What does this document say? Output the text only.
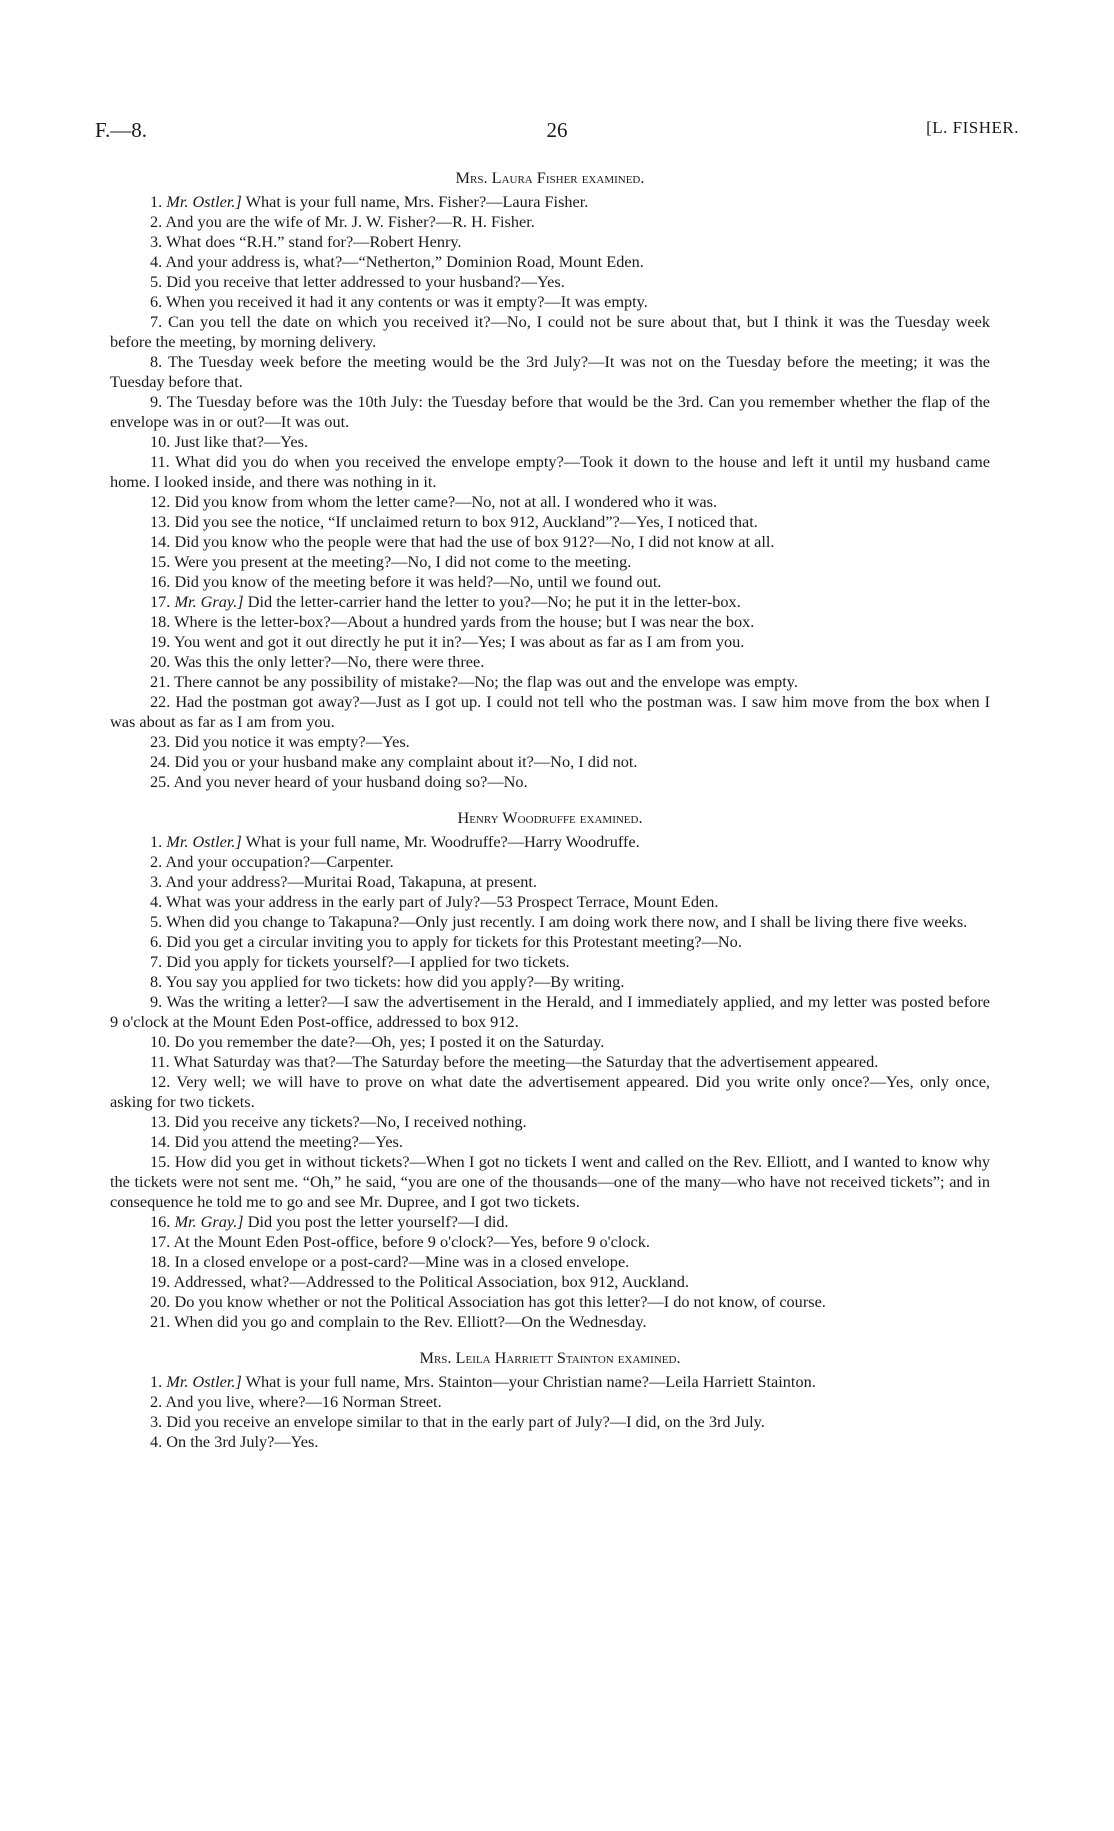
F.—8.	26	[L. FISHER.
Mrs. Laura Fisher examined.

1. Mr. Ostler.] What is your full name, Mrs. Fisher?—Laura Fisher.

2. And you are the wife of Mr. J. W. Fisher?—R. H. Fisher.

3. What does “R.H.” stand for?—Robert Henry.

4. And your address is, what?—“Netherton,” Dominion Road, Mount Eden.

5. Did you receive that letter addressed to your husband?—Yes.

6. When you received it had it any contents or was it empty?—It was empty.

7. Can you tell the date on which you received it?—No, I could not be sure about that, but I think it was the Tuesday week before the meeting, by morning delivery.

8. The Tuesday week before the meeting would be the 3rd July?—It was not on the Tuesday before the meeting; it was the Tuesday before that.

9. The Tuesday before was the 10th July: the Tuesday before that would be the 3rd. Can you remember whether the flap of the envelope was in or out?—It was out.

10. Just like that?—Yes.

11. What did you do when you received the envelope empty?—Took it down to the house and left it until my husband came home. I looked inside, and there was nothing in it.

12. Did you know from whom the letter came?—No, not at all. I wondered who it was.

13. Did you see the notice, “If unclaimed return to box 912, Auckland”?—Yes, I noticed that.

14. Did you know who the people were that had the use of box 912?—No, I did not know at all.

15. Were you present at the meeting?—No, I did not come to the meeting.

16. Did you know of the meeting before it was held?—No, until we found out.

17. Mr. Gray.] Did the letter-carrier hand the letter to you?—No; he put it in the letter-box.

18. Where is the letter-box?—About a hundred yards from the house; but I was near the box.

19. You went and got it out directly he put it in?—Yes; I was about as far as I am from you.

20. Was this the only letter?—No, there were three.

21. There cannot be any possibility of mistake?—No; the flap was out and the envelope was empty.

22. Had the postman got away?—Just as I got up. I could not tell who the postman was. I saw him move from the box when I was about as far as I am from you.

23. Did you notice it was empty?—Yes.

24. Did you or your husband make any complaint about it?—No, I did not.

25. And you never heard of your husband doing so?—No.

Henry Woodruffe examined.

1. Mr. Ostler.] What is your full name, Mr. Woodruffe?—Harry Woodruffe.

2. And your occupation?—Carpenter.

3. And your address?—Muritai Road, Takapuna, at present.

4. What was your address in the early part of July?—53 Prospect Terrace, Mount Eden.

5. When did you change to Takapuna?—Only just recently. I am doing work there now, and I shall be living there five weeks.

6. Did you get a circular inviting you to apply for tickets for this Protestant meeting?—No.

7. Did you apply for tickets yourself?—I applied for two tickets.

8. You say you applied for two tickets: how did you apply?—By writing.

9. Was the writing a letter?—I saw the advertisement in the Herald, and I immediately applied, and my letter was posted before 9 o'clock at the Mount Eden Post-office, addressed to box 912.

10. Do you remember the date?—Oh, yes; I posted it on the Saturday.

11. What Saturday was that?—The Saturday before the meeting—the Saturday that the advertisement appeared.

12. Very well; we will have to prove on what date the advertisement appeared. Did you write only once?—Yes, only once, asking for two tickets.

13. Did you receive any tickets?—No, I received nothing.

14. Did you attend the meeting?—Yes.

15. How did you get in without tickets?—When I got no tickets I went and called on the Rev. Elliott, and I wanted to know why the tickets were not sent me. “Oh,” he said, “you are one of the thousands—one of the many—who have not received tickets”; and in consequence he told me to go and see Mr. Dupree, and I got two tickets.

16. Mr. Gray.] Did you post the letter yourself?—I did.

17. At the Mount Eden Post-office, before 9 o'clock?—Yes, before 9 o'clock.

18. In a closed envelope or a post-card?—Mine was in a closed envelope.

19. Addressed, what?—Addressed to the Political Association, box 912, Auckland.

20. Do you know whether or not the Political Association has got this letter?—I do not know, of course.

21. When did you go and complain to the Rev. Elliott?—On the Wednesday.

Mrs. Leila Harriett Stainton examined.

1. Mr. Ostler.] What is your full name, Mrs. Stainton—your Christian name?—Leila Harriett Stainton.

2. And you live, where?—16 Norman Street.

3. Did you receive an envelope similar to that in the early part of July?—I did, on the 3rd July.

4. On the 3rd July?—Yes.
